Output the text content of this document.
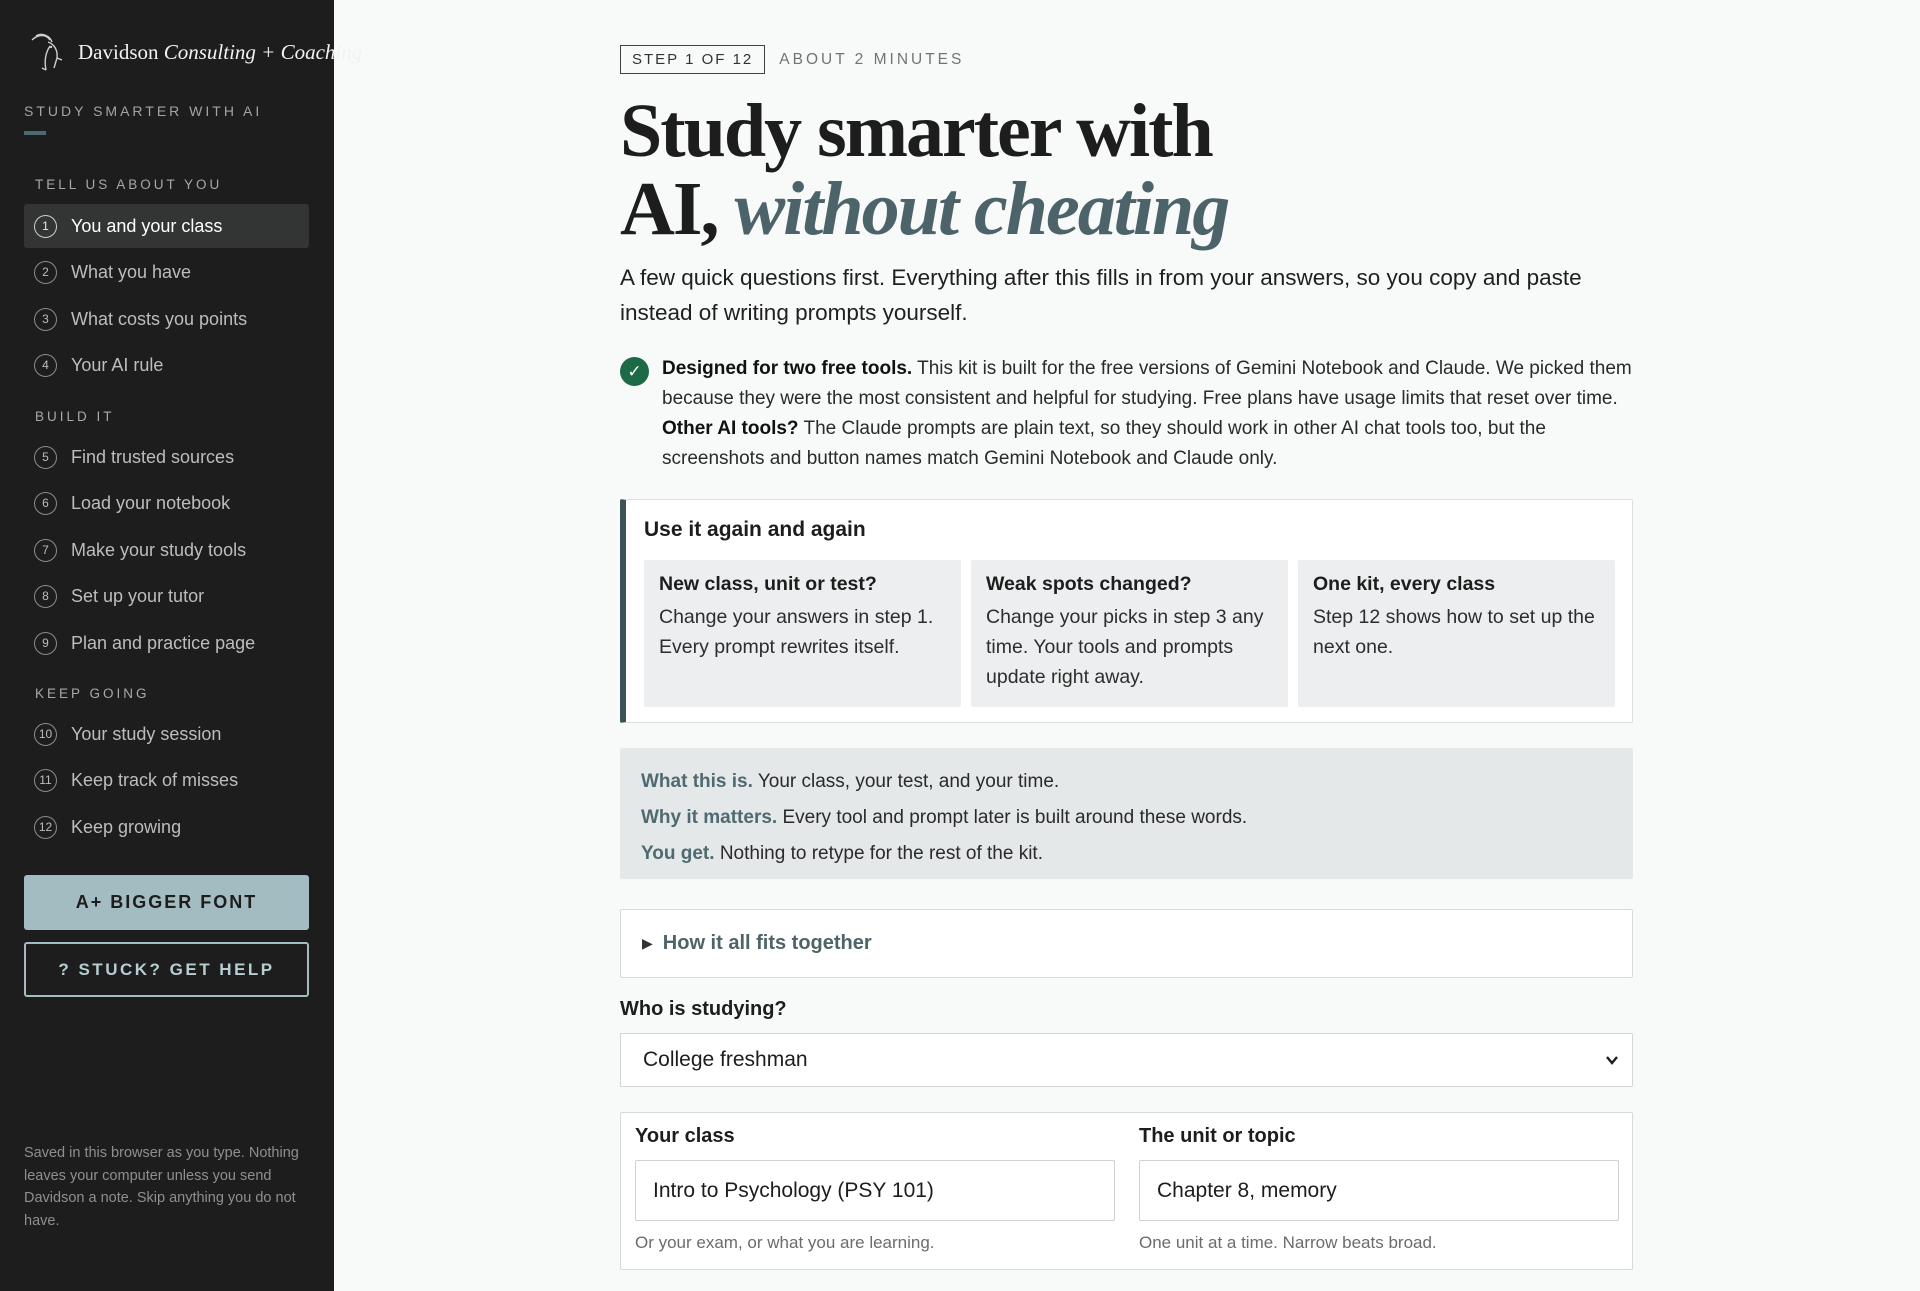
Davidson Consulting + Coaching
STUDY SMARTER WITH AI
TELL US ABOUT YOU
1	You and your class
2	What you have
3	What costs you points
4	Your AI rule
BUILD IT
5	Find trusted sources
6	Load your notebook
7	Make your study tools
8	Set up your tutor
9	Plan and practice page
KEEP GOING
10 Your study session
11 Keep track of misses
12 Keep growing
A+ BIGGER FONT
? STUCK? GET HELP

Saved in this browser as you type. Nothing leaves your computer unless you send Davidson a note. Skip anything you do not have.

STEP 1 OF 12	ABOUT 2 MINUTES
Study smarter with
AI, without cheating

A few quick questions first. Everything after this fills in from your answers, so you copy and paste instead of writing prompts yourself.

✓	Designed for two free tools. This kit is built for the free versions of Gemini Notebook and Claude. We picked them because they were the most consistent and helpful for studying. Free plans have usage limits that reset over time. Other AI tools? The Claude prompts are plain text, so they should work in other AI chat tools too, but the screenshots and button names match Gemini Notebook and Claude only.

Use it again and again
New class, unit or test?

Change your answers in step 1. Every prompt rewrites itself.

Weak spots changed?

Change your picks in step 3 any time. Your tools and prompts update right away.

One kit, every class

Step 12 shows how to set up the next one.

What this is. Your class, your test, and your time.
Why it matters. Every tool and prompt later is built around these words.
You get. Nothing to retype for the rest of the kit.
▶ How it all fits together
Who is studying?
College freshman
Your class
Intro to Psychology (PSY 101)
Or your exam, or what you are learning.
The unit or topic
Chapter 8, memory
One unit at a time. Narrow beats broad.
